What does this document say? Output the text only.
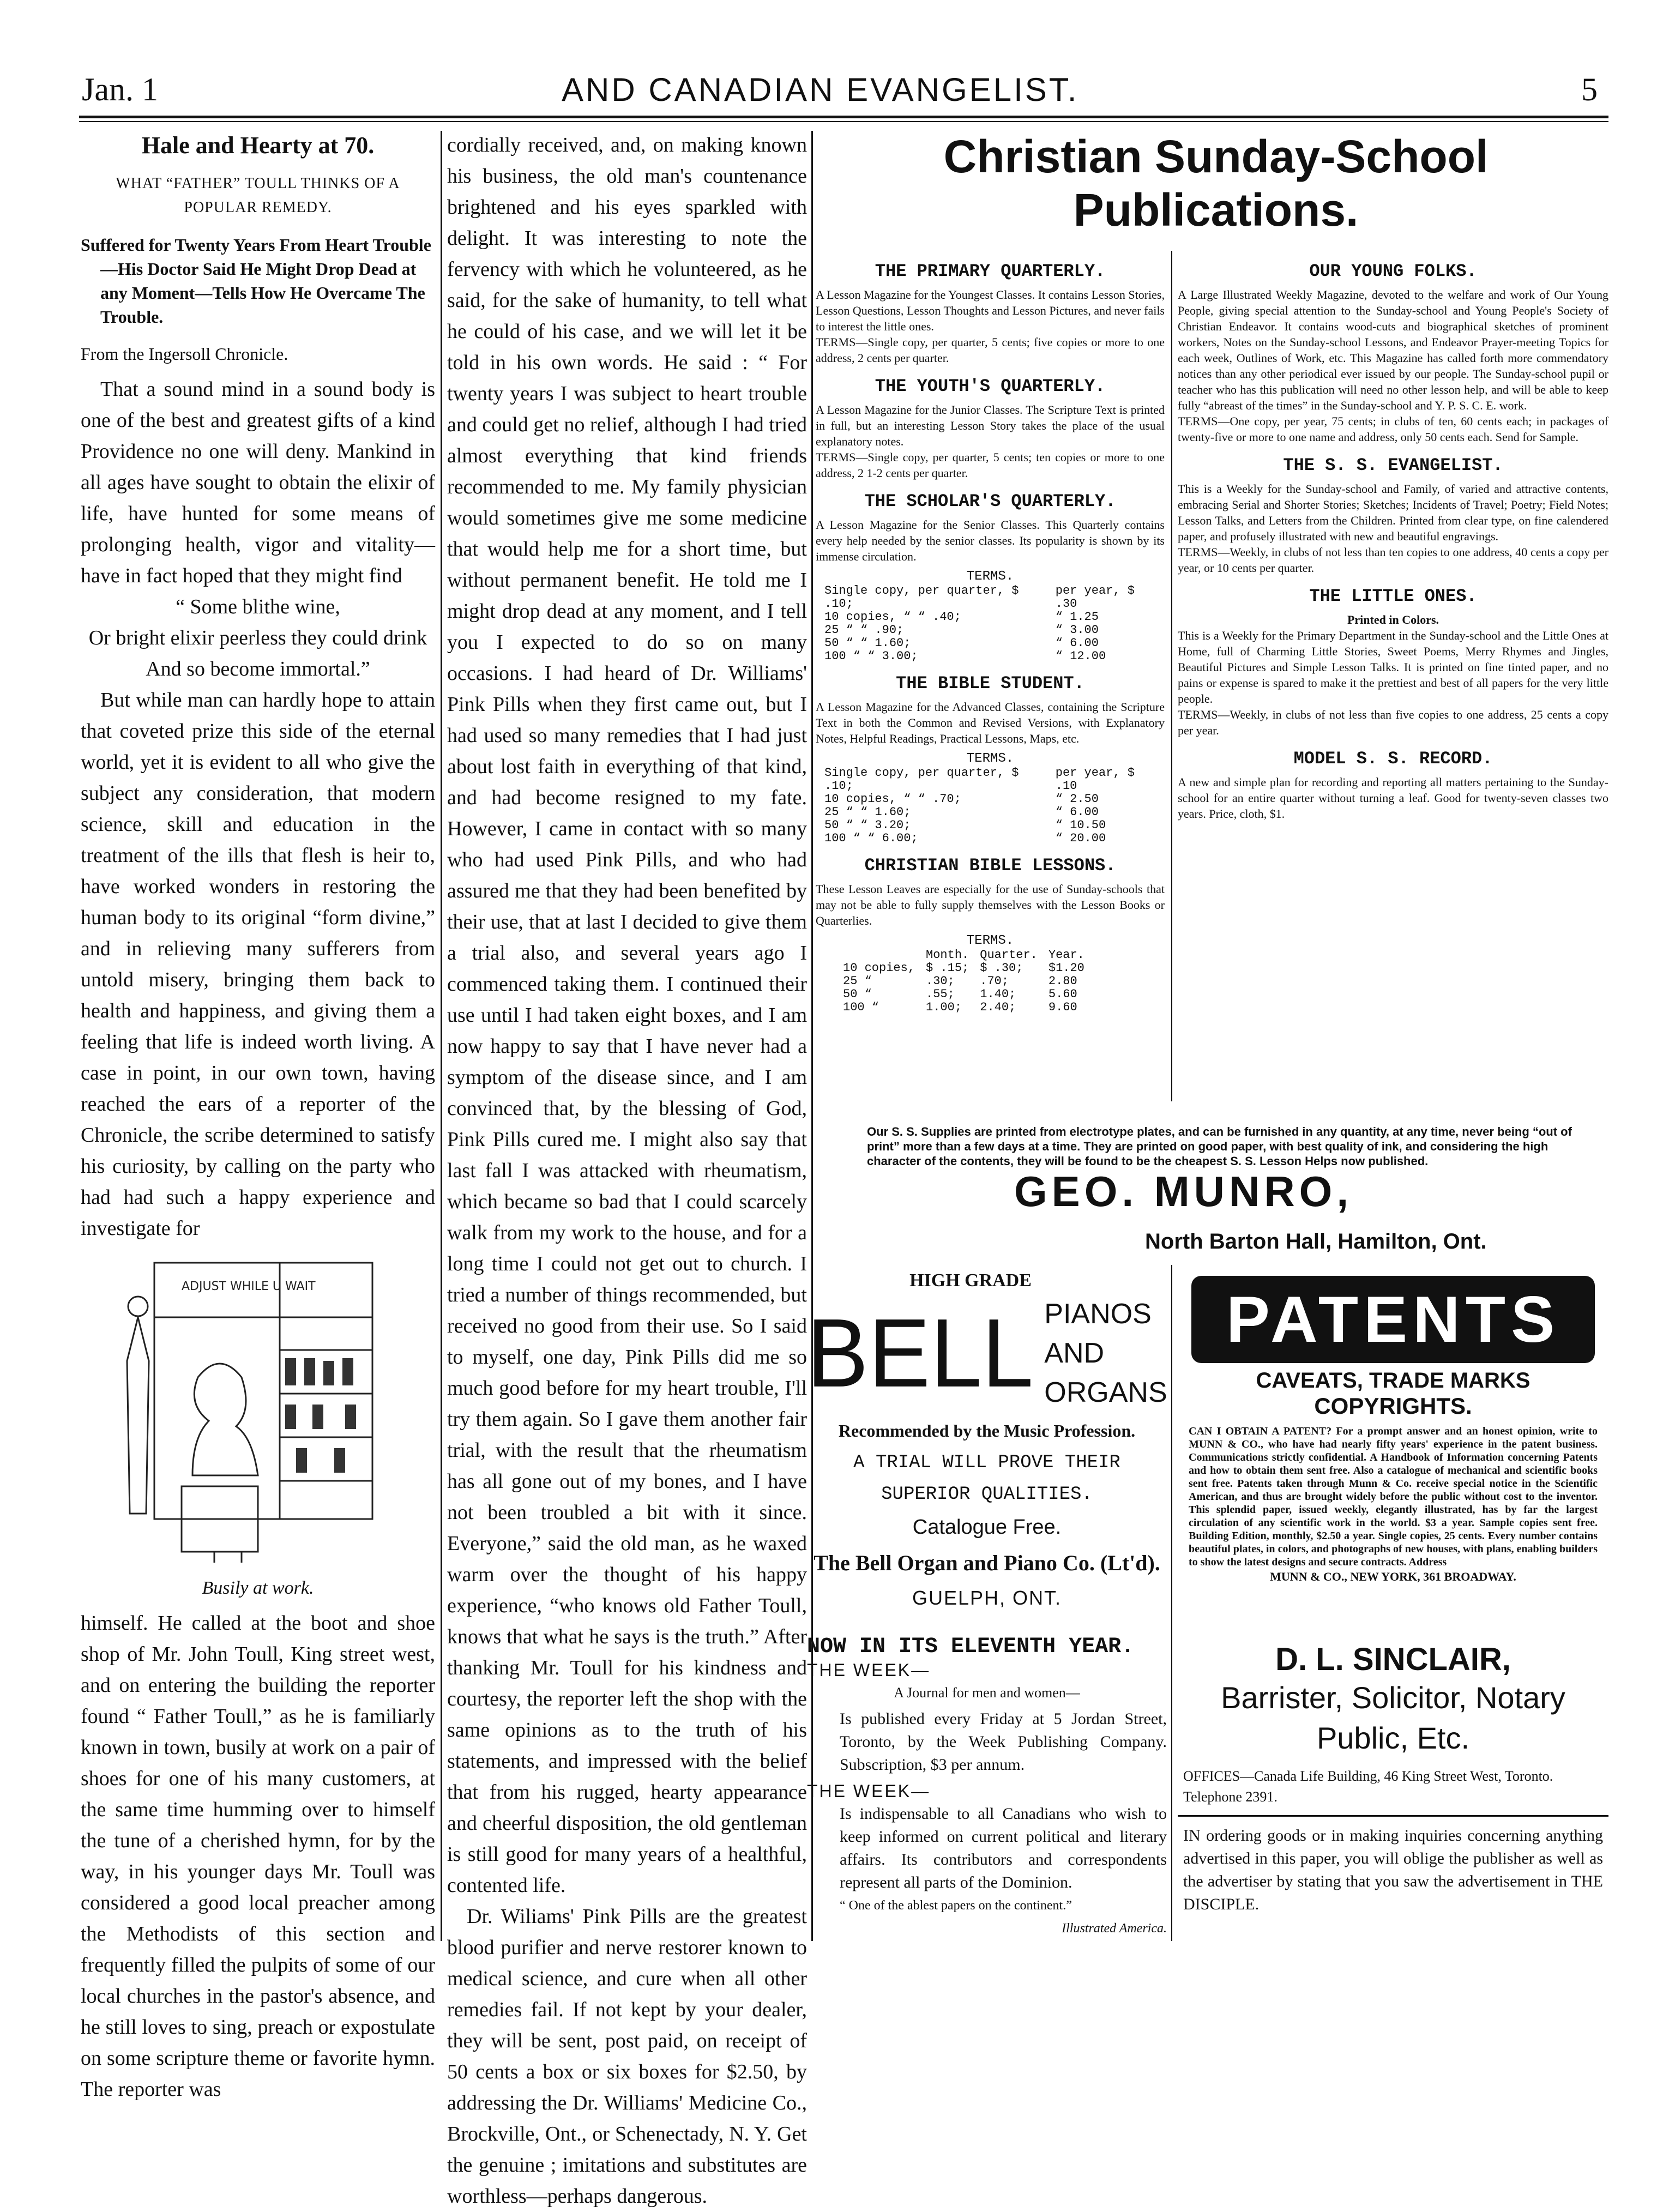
Jan. 1	AND CANADIAN EVANGELIST.	5

Hale and Hearty at 70.

WHAT “FATHER” TOULL THINKS OF A POPULAR REMEDY.

Suffered for Twenty Years From Heart Trouble—His Doctor Said He Might Drop Dead at any Moment—Tells How He Overcame The Trouble.

From the Ingersoll Chronicle.

That a sound mind in a sound body is one of the best and greatest gifts of a kind Providence no one will deny. Mankind in all ages have sought to obtain the elixir of life, have hunted for some means of prolonging health, vigor and vitality—have in fact hoped that they might find

“ Some blithe wine,

Or bright elixir peerless they could drink

And so become immortal.”

But while man can hardly hope to attain that coveted prize this side of the eternal world, yet it is evident to all who give the subject any consideration, that modern science, skill and education in the treatment of the ills that flesh is heir to, have worked wonders in restoring the human body to its original “form divine,” and in relieving many sufferers from untold misery, bringing them back to health and happiness, and giving them a feeling that life is indeed worth living. A case in point, in our own town, having reached the ears of a reporter of the Chronicle, the scribe determined to satisfy his curiosity, by calling on the party who had had such a happy experience and investigate for

ADJUST WHILE U WAIT

Busily at work.

himself. He called at the boot and shoe shop of Mr. John Toull, King street west, and on entering the building the reporter found “ Father Toull,” as he is familiarly known in town, busily at work on a pair of shoes for one of his many customers, at the same time humming over to himself the tune of a cherished hymn, for by the way, in his younger days Mr. Toull was considered a good local preacher among the Methodists of this section and frequently filled the pulpits of some of our local churches in the pastor's absence, and he still loves to sing, preach or expostulate on some scripture theme or favorite hymn. The reporter was

cordially received, and, on making known his business, the old man's countenance brightened and his eyes sparkled with delight. It was interesting to note the fervency with which he volunteered, as he said, for the sake of humanity, to tell what he could of his case, and we will let it be told in his own words. He said : “ For twenty years I was subject to heart trouble and could get no relief, although I had tried almost everything that kind friends recommended to me. My family physician would sometimes give me some medicine that would help me for a short time, but without permanent benefit. He told me I might drop dead at any moment, and I tell you I expected to do so on many occasions. I had heard of Dr. Williams' Pink Pills when they first came out, but I had used so many remedies that I had just about lost faith in everything of that kind, and had become resigned to my fate. However, I came in contact with so many who had used Pink Pills, and who had assured me that they had been benefited by their use, that at last I decided to give them a trial also, and several years ago I commenced taking them. I continued their use until I had taken eight boxes, and I am now happy to say that I have never had a symptom of the disease since, and I am convinced that, by the blessing of God, Pink Pills cured me. I might also say that last fall I was attacked with rheumatism, which became so bad that I could scarcely walk from my work to the house, and for a long time I could not get out to church. I tried a number of things recommended, but received no good from their use. So I said to myself, one day, Pink Pills did me so much good before for my heart trouble, I'll try them again. So I gave them another fair trial, with the result that the rheumatism has all gone out of my bones, and I have not been troubled a bit with it since. Everyone,” said the old man, as he waxed warm over the thought of his happy experience, “who knows old Father Toull, knows that what he says is the truth.” After thanking Mr. Toull for his kindness and courtesy, the reporter left the shop with the same opinions as to the truth of his statements, and impressed with the belief that from his rugged, hearty appearance and cheerful disposition, the old gentleman is still good for many years of a healthful, contented life.

Dr. Wiliams' Pink Pills are the greatest blood purifier and nerve restorer known to medical science, and cure when all other remedies fail. If not kept by your dealer, they will be sent, post paid, on receipt of 50 cents a box or six boxes for $2.50, by addressing the Dr. Williams' Medicine Co., Brockville, Ont., or Schenectady, N. Y. Get the genuine ; imitations and substitutes are worthless—perhaps dangerous.

Christian Sunday-School Publications.

THE PRIMARY QUARTERLY.

A Lesson Magazine for the Youngest Classes. It contains Lesson Stories, Lesson Questions, Lesson Thoughts and Lesson Pictures, and never fails to interest the little ones.

TERMS—Single copy, per quarter, 5 cents; five copies or more to one address, 2 cents per quarter.

THE YOUTH'S QUARTERLY.

A Lesson Magazine for the Junior Classes. The Scripture Text is printed in full, but an interesting Lesson Story takes the place of the usual explanatory notes.

TERMS—Single copy, per quarter, 5 cents; ten copies or more to one address, 2 1-2 cents per quarter.

THE SCHOLAR'S QUARTERLY.

A Lesson Magazine for the Senior Classes. This Quarterly contains every help needed by the senior classes. Its popularity is shown by its immense circulation.

TERMS.

Single copy, per quarter, $ .10;	per year, $ .30
10 copies, “ “ .40;	“ 1.25
25 “ “ .90;	“ 3.00
50 “ “ 1.60;	“ 6.00
100 “ “ 3.00;	“ 12.00

THE BIBLE STUDENT.

A Lesson Magazine for the Advanced Classes, containing the Scripture Text in both the Common and Revised Versions, with Explanatory Notes, Helpful Readings, Practical Lessons, Maps, etc.

TERMS.

Single copy, per quarter, $ .10;	per year, $ .10
10 copies, “ “ .70;	“ 2.50
25 “ “ 1.60;	“ 6.00
50 “ “ 3.20;	“ 10.50
100 “ “ 6.00;	“ 20.00

CHRISTIAN BIBLE LESSONS.

These Lesson Leaves are especially for the use of Sunday-schools that may not be able to fully supply themselves with the Lesson Books or Quarterlies.

TERMS.

	Month.	Quarter.	Year.
10 copies,	$ .15;	$ .30;	$1.20
25 “	.30;	.70;	2.80
50 “	.55;	1.40;	5.60
100 “	1.00;	2.40;	9.60

OUR YOUNG FOLKS.

A Large Illustrated Weekly Magazine, devoted to the welfare and work of Our Young People, giving special attention to the Sunday-school and Young People's Society of Christian Endeavor. It contains wood-cuts and biographical sketches of prominent workers, Notes on the Sunday-school Lessons, and Endeavor Prayer-meeting Topics for each week, Outlines of Work, etc. This Magazine has called forth more commendatory notices than any other periodical ever issued by our people. The Sunday-school pupil or teacher who has this publication will need no other lesson help, and will be able to keep fully “abreast of the times” in the Sunday-school and Y. P. S. C. E. work.

TERMS—One copy, per year, 75 cents; in clubs of ten, 60 cents each; in packages of twenty-five or more to one name and address, only 50 cents each. Send for Sample.

THE S. S. EVANGELIST.

This is a Weekly for the Sunday-school and Family, of varied and attractive contents, embracing Serial and Shorter Stories; Sketches; Incidents of Travel; Poetry; Field Notes; Lesson Talks, and Letters from the Children. Printed from clear type, on fine calendered paper, and profusely illustrated with new and beautiful engravings.

TERMS—Weekly, in clubs of not less than ten copies to one address, 40 cents a copy per year, or 10 cents per quarter.

THE LITTLE ONES.

Printed in Colors.

This is a Weekly for the Primary Department in the Sunday-school and the Little Ones at Home, full of Charming Little Stories, Sweet Poems, Merry Rhymes and Jingles, Beautiful Pictures and Simple Lesson Talks. It is printed on fine tinted paper, and no pains or expense is spared to make it the prettiest and best of all papers for the very little people.

TERMS—Weekly, in clubs of not less than five copies to one address, 25 cents a copy per year.

MODEL S. S. RECORD.

A new and simple plan for recording and reporting all matters pertaining to the Sunday-school for an entire quarter without turning a leaf. Good for twenty-seven classes two years. Price, cloth, $1.

Our S. S. Supplies are printed from electrotype plates, and can be furnished in any quantity, at any time, never being “out of print” more than a few days at a time. They are printed on good paper, with best quality of ink, and considering the high character of the contents, they will be found to be the cheapest S. S. Lesson Helps now published.

GEO. MUNRO,
North Barton Hall, Hamilton, Ont.
HIGH GRADE
BELL PIANOS
AND ORGANS
Recommended by the Music Profession.
A TRIAL WILL PROVE THEIR SUPERIOR QUALITIES.
Catalogue Free.
The Bell Organ and Piano Co. (Lt'd).
GUELPH, ONT.
PATENTS
CAVEATS, TRADE MARKS
COPYRIGHTS.

CAN I OBTAIN A PATENT? For a prompt answer and an honest opinion, write to MUNN & CO., who have had nearly fifty years' experience in the patent business. Communications strictly confidential. A Handbook of Information concerning Patents and how to obtain them sent free. Also a catalogue of mechanical and scientific books sent free. Patents taken through Munn & Co. receive special notice in the Scientific American, and thus are brought widely before the public without cost to the inventor. This splendid paper, issued weekly, elegantly illustrated, has by far the largest circulation of any scientific work in the world. $3 a year. Sample copies sent free. Building Edition, monthly, $2.50 a year. Single copies, 25 cents. Every number contains beautiful plates, in colors, and photographs of new houses, with plans, enabling builders to show the latest designs and secure contracts. Address

MUNN & CO., NEW YORK, 361 BROADWAY.

NOW IN ITS ELEVENTH YEAR.
THE WEEK—
A Journal for men and women—

Is published every Friday at 5 Jordan Street, Toronto, by the Week Publishing Company. Subscription, $3 per annum.

THE WEEK—

Is indispensable to all Canadians who wish to keep informed on current political and literary affairs. Its contributors and correspondents represent all parts of the Dominion.

“ One of the ablest papers on the continent.”
Illustrated America.
D. L. SINCLAIR,
Barrister, Solicitor, Notary Public, Etc.

OFFICES—Canada Life Building, 46 King Street West, Toronto. Telephone 2391.

IN ordering goods or in making inquiries concerning anything advertised in this paper, you will oblige the publisher as well as the advertiser by stating that you saw the advertisement in THE DISCIPLE.
